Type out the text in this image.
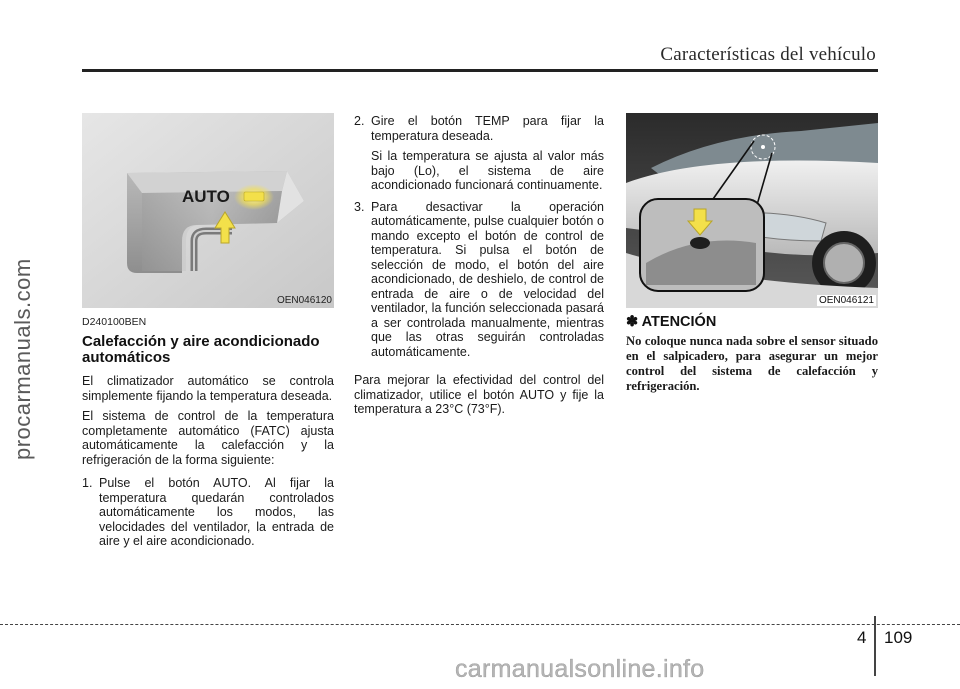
Características del vehículo
procarmanuals.com
AUTO
OEN046120	OEN046121
D240100BEN
Calefacción y aire acondicionado automáticos

El climatizador automático se controla simplemente fijando la temperatura deseada.

El sistema de control de la temperatura completamente automático (FATC) ajusta automáticamente la calefacción y la refrigeración de la forma siguiente:

1. Pulse el botón AUTO. Al fijar la temperatura quedarán controlados automáticamente los modos, las velocidades del ventilador, la entrada de aire y el aire acondicionado.

2. Gire el botón TEMP para fijar la temperatura deseada.

Si la temperatura se ajusta al valor más bajo (Lo), el sistema de aire acondicionado funcionará continuamente.

3. Para desactivar la operación automáticamente, pulse cualquier botón o mando excepto el botón de control de temperatura. Si pulsa el botón de selección de modo, el botón del aire acondicionado, de deshielo, de control de entrada de aire o de velocidad del ventilador, la función seleccionada pasará a ser controlada manualmente, mientras que las otras seguirán controladas automáticamente.

Para mejorar la efectividad del control del climatizador, utilice el botón AUTO y fije la temperatura a 23°C (73°F).

✽ ATENCIÓN
No coloque nunca nada sobre el sensor situado en el salpicadero, para asegurar un mejor control del sistema de calefacción y refrigeración.
4 109
carmanualsonline.info
